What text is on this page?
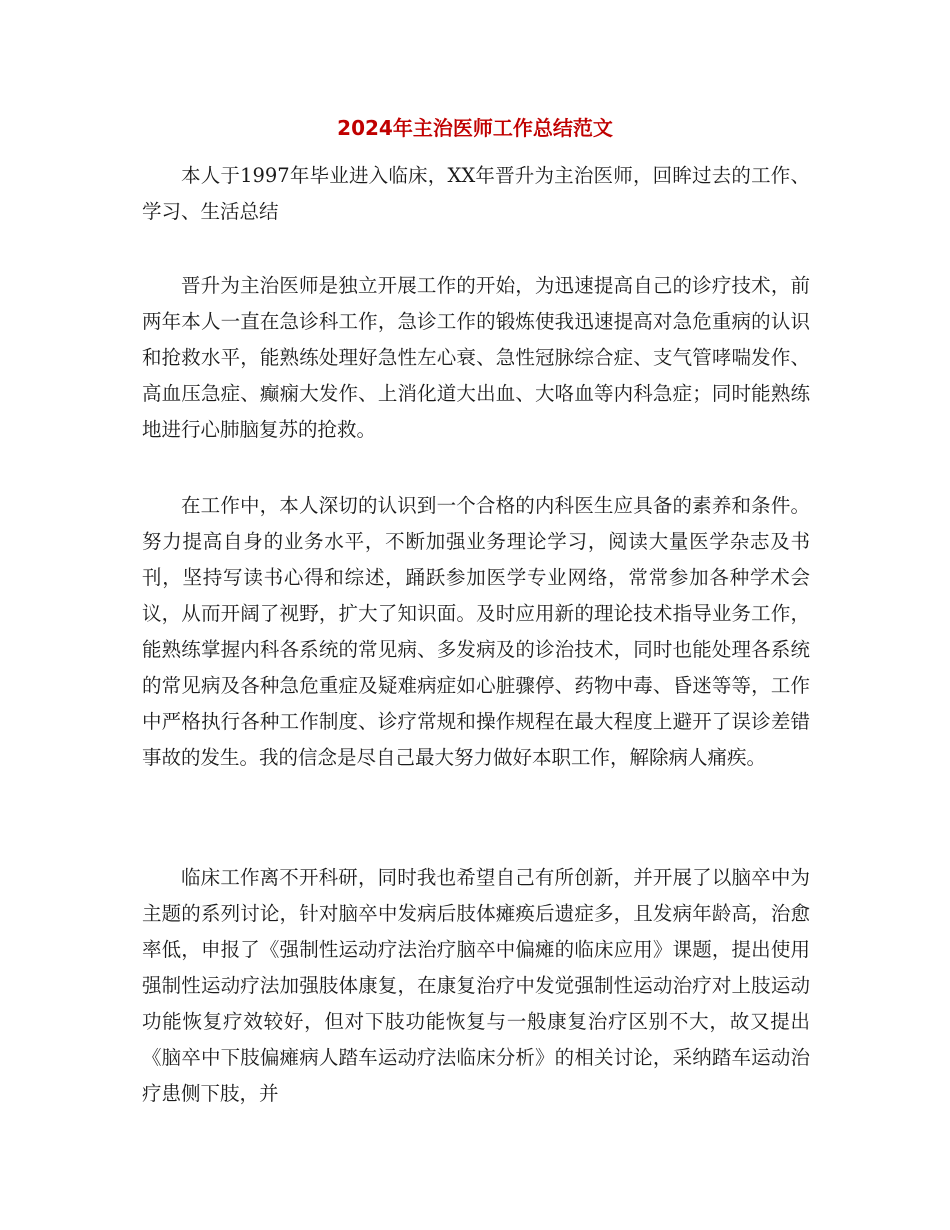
2024年主治医师工作总结范文

本人于1997年毕业进入临床，XX年晋升为主治医师，回眸过去的工作、学习、生活总结

晋升为主治医师是独立开展工作的开始，为迅速提高自己的诊疗技术，前两年本人一直在急诊科工作，急诊工作的锻炼使我迅速提高对急危重病的认识和抢救水平，能熟练处理好急性左心衰、急性冠脉综合症、支气管哮喘发作、高血压急症、癫痫大发作、上消化道大出血、大咯血等内科急症；同时能熟练地进行心肺脑复苏的抢救。

在工作中，本人深切的认识到一个合格的内科医生应具备的素养和条件。努力提高自身的业务水平，不断加强业务理论学习，阅读大量医学杂志及书刊，坚持写读书心得和综述，踊跃参加医学专业网络，常常参加各种学术会议，从而开阔了视野，扩大了知识面。及时应用新的理论技术指导业务工作，能熟练掌握内科各系统的常见病、多发病及的诊治技术，同时也能处理各系统的常见病及各种急危重症及疑难病症如心脏骤停、药物中毒、昏迷等等，工作中严格执行各种工作制度、诊疗常规和操作规程在最大程度上避开了误诊差错事故的发生。我的信念是尽自己最大努力做好本职工作，解除病人痛疾。

临床工作离不开科研，同时我也希望自己有所创新，并开展了以脑卒中为主题的系列讨论，针对脑卒中发病后肢体瘫痪后遗症多，且发病年龄高，治愈率低，申报了《强制性运动疗法治疗脑卒中偏瘫的临床应用》课题，提出使用强制性运动疗法加强肢体康复，在康复治疗中发觉强制性运动治疗对上肢运动功能恢复疗效较好，但对下肢功能恢复与一般康复治疗区别不大，故又提出《脑卒中下肢偏瘫病人踏车运动疗法临床分析》的相关讨论，采纳踏车运动治疗患侧下肢，并
